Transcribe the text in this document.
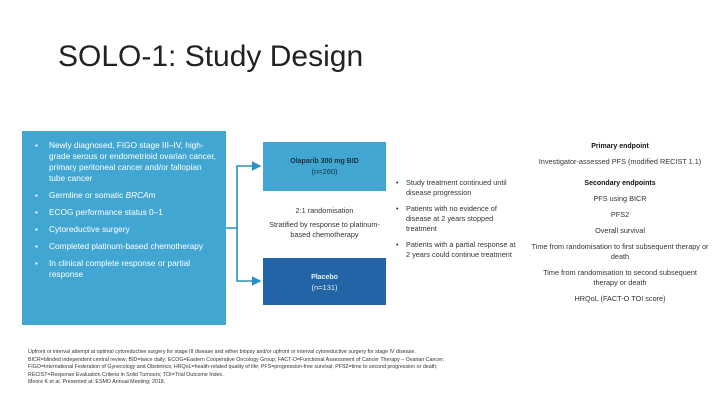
SOLO-1: Study Design
▪ Newly diagnosed, FIGO stage III–IV, high-grade serous or endometrioid ovarian cancer, primary peritoneal cancer and/or fallopian tube cancer
▪ Germline or somatic BRCAm
▪ ECOG performance status 0–1
▪ Cytoreductive surgery
▪ Completed platinum-based chemotherapy
▪ In clinical complete response or partial response
Olaparib 300 mg BID
(n=260)

2:1 randomisation

Stratified by response to platinum-based chemotherapy

Placebo
(n=131)
• Study treatment continued until disease progression
• Patients with no evidence of disease at 2 years stopped treatment
• Patients with a partial response at 2 years could continue treatment
Primary endpoint
Investigator-assessed PFS (modified RECIST 1.1)
Secondary endpoints
PFS using BICR
PFS2
Overall survival
Time from randomisation to first subsequent therapy or death
Time from randomisation to second subsequent therapy or death
HRQoL (FACT-O TOI score)
Upfront or interval attempt at optimal cytoreductive surgery for stage III disease and either biopsy and/or upfront or interval cytoreductive surgery for stage IV disease.
BICR=blinded independent central review; BID=twice daily; ECOG=Eastern Cooperative Oncology Group; FACT-O=Functional Assessment of Cancer Therapy – Ovarian Cancer;
FIGO=International Federation of Gynecology and Obstetrics; HRQoL=health-related quality of life; PFS=progression-free survival; PFS2=time to second progression or death;
RECIST=Response Evaluation Criteria in Solid Tumours; TOI=Trial Outcome Index.
Moore K et al. Presented at: ESMO Annual Meeting; 2018.
